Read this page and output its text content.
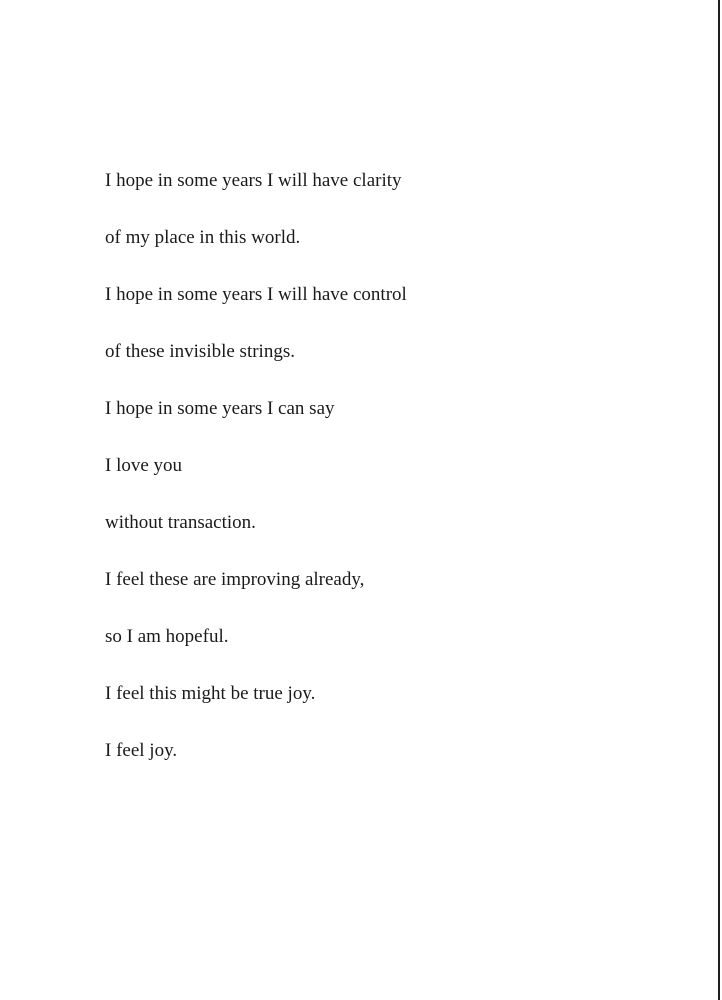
I hope in some years I will have clarity
of my place in this world.
I hope in some years I will have control
of these invisible strings.
I hope in some years I can say
I love you
without transaction.
I feel these are improving already,
so I am hopeful.
I feel this might be true joy.
I feel joy.
